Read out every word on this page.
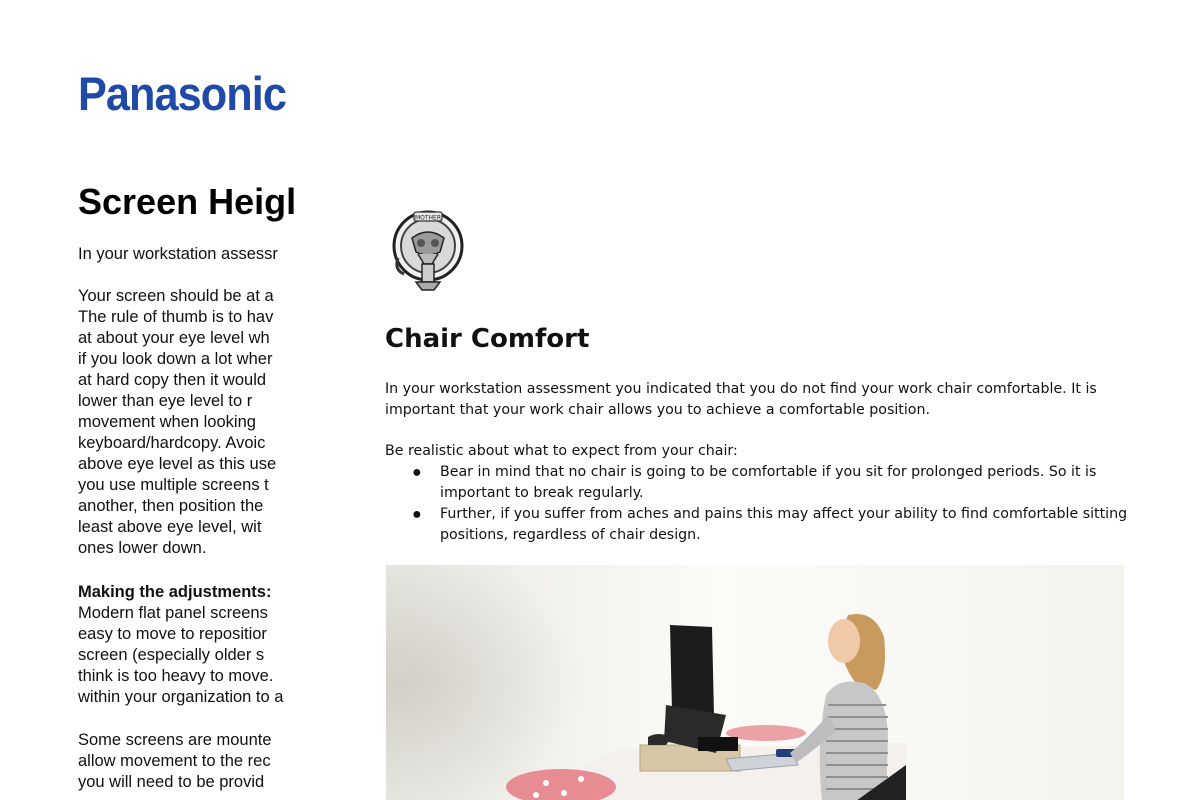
Panasonic
Screen Heigl

In your workstation assessr

Your screen should be at a

The rule of thumb is to hav

at about your eye level wh

if you look down a lot wher

at hard copy then it would

lower than eye level to r

movement when looking

keyboard/hardcopy. Avoic

above eye level as this use

you use multiple screens t

another, then position the

least above eye level, wit

ones lower down.

Making the adjustments:

Modern flat panel screens

easy to move to repositior

screen (especially older s

think is too heavy to move.

within your organization to a

Some screens are mounte

allow movement to the rec

you will need to be provid

MOTHER
Chair Comfort

In your workstation assessment you indicated that you do not find your work chair comfortable. It is

important that your work chair allows you to achieve a comfortable position.

Be realistic about what to expect from your chair:

● Bear in mind that no chair is going to be comfortable if you sit for prolonged periods. So it is

important to break regularly.

● Further, if you suffer from aches and pains this may affect your ability to find comfortable sitting

positions, regardless of chair design.
